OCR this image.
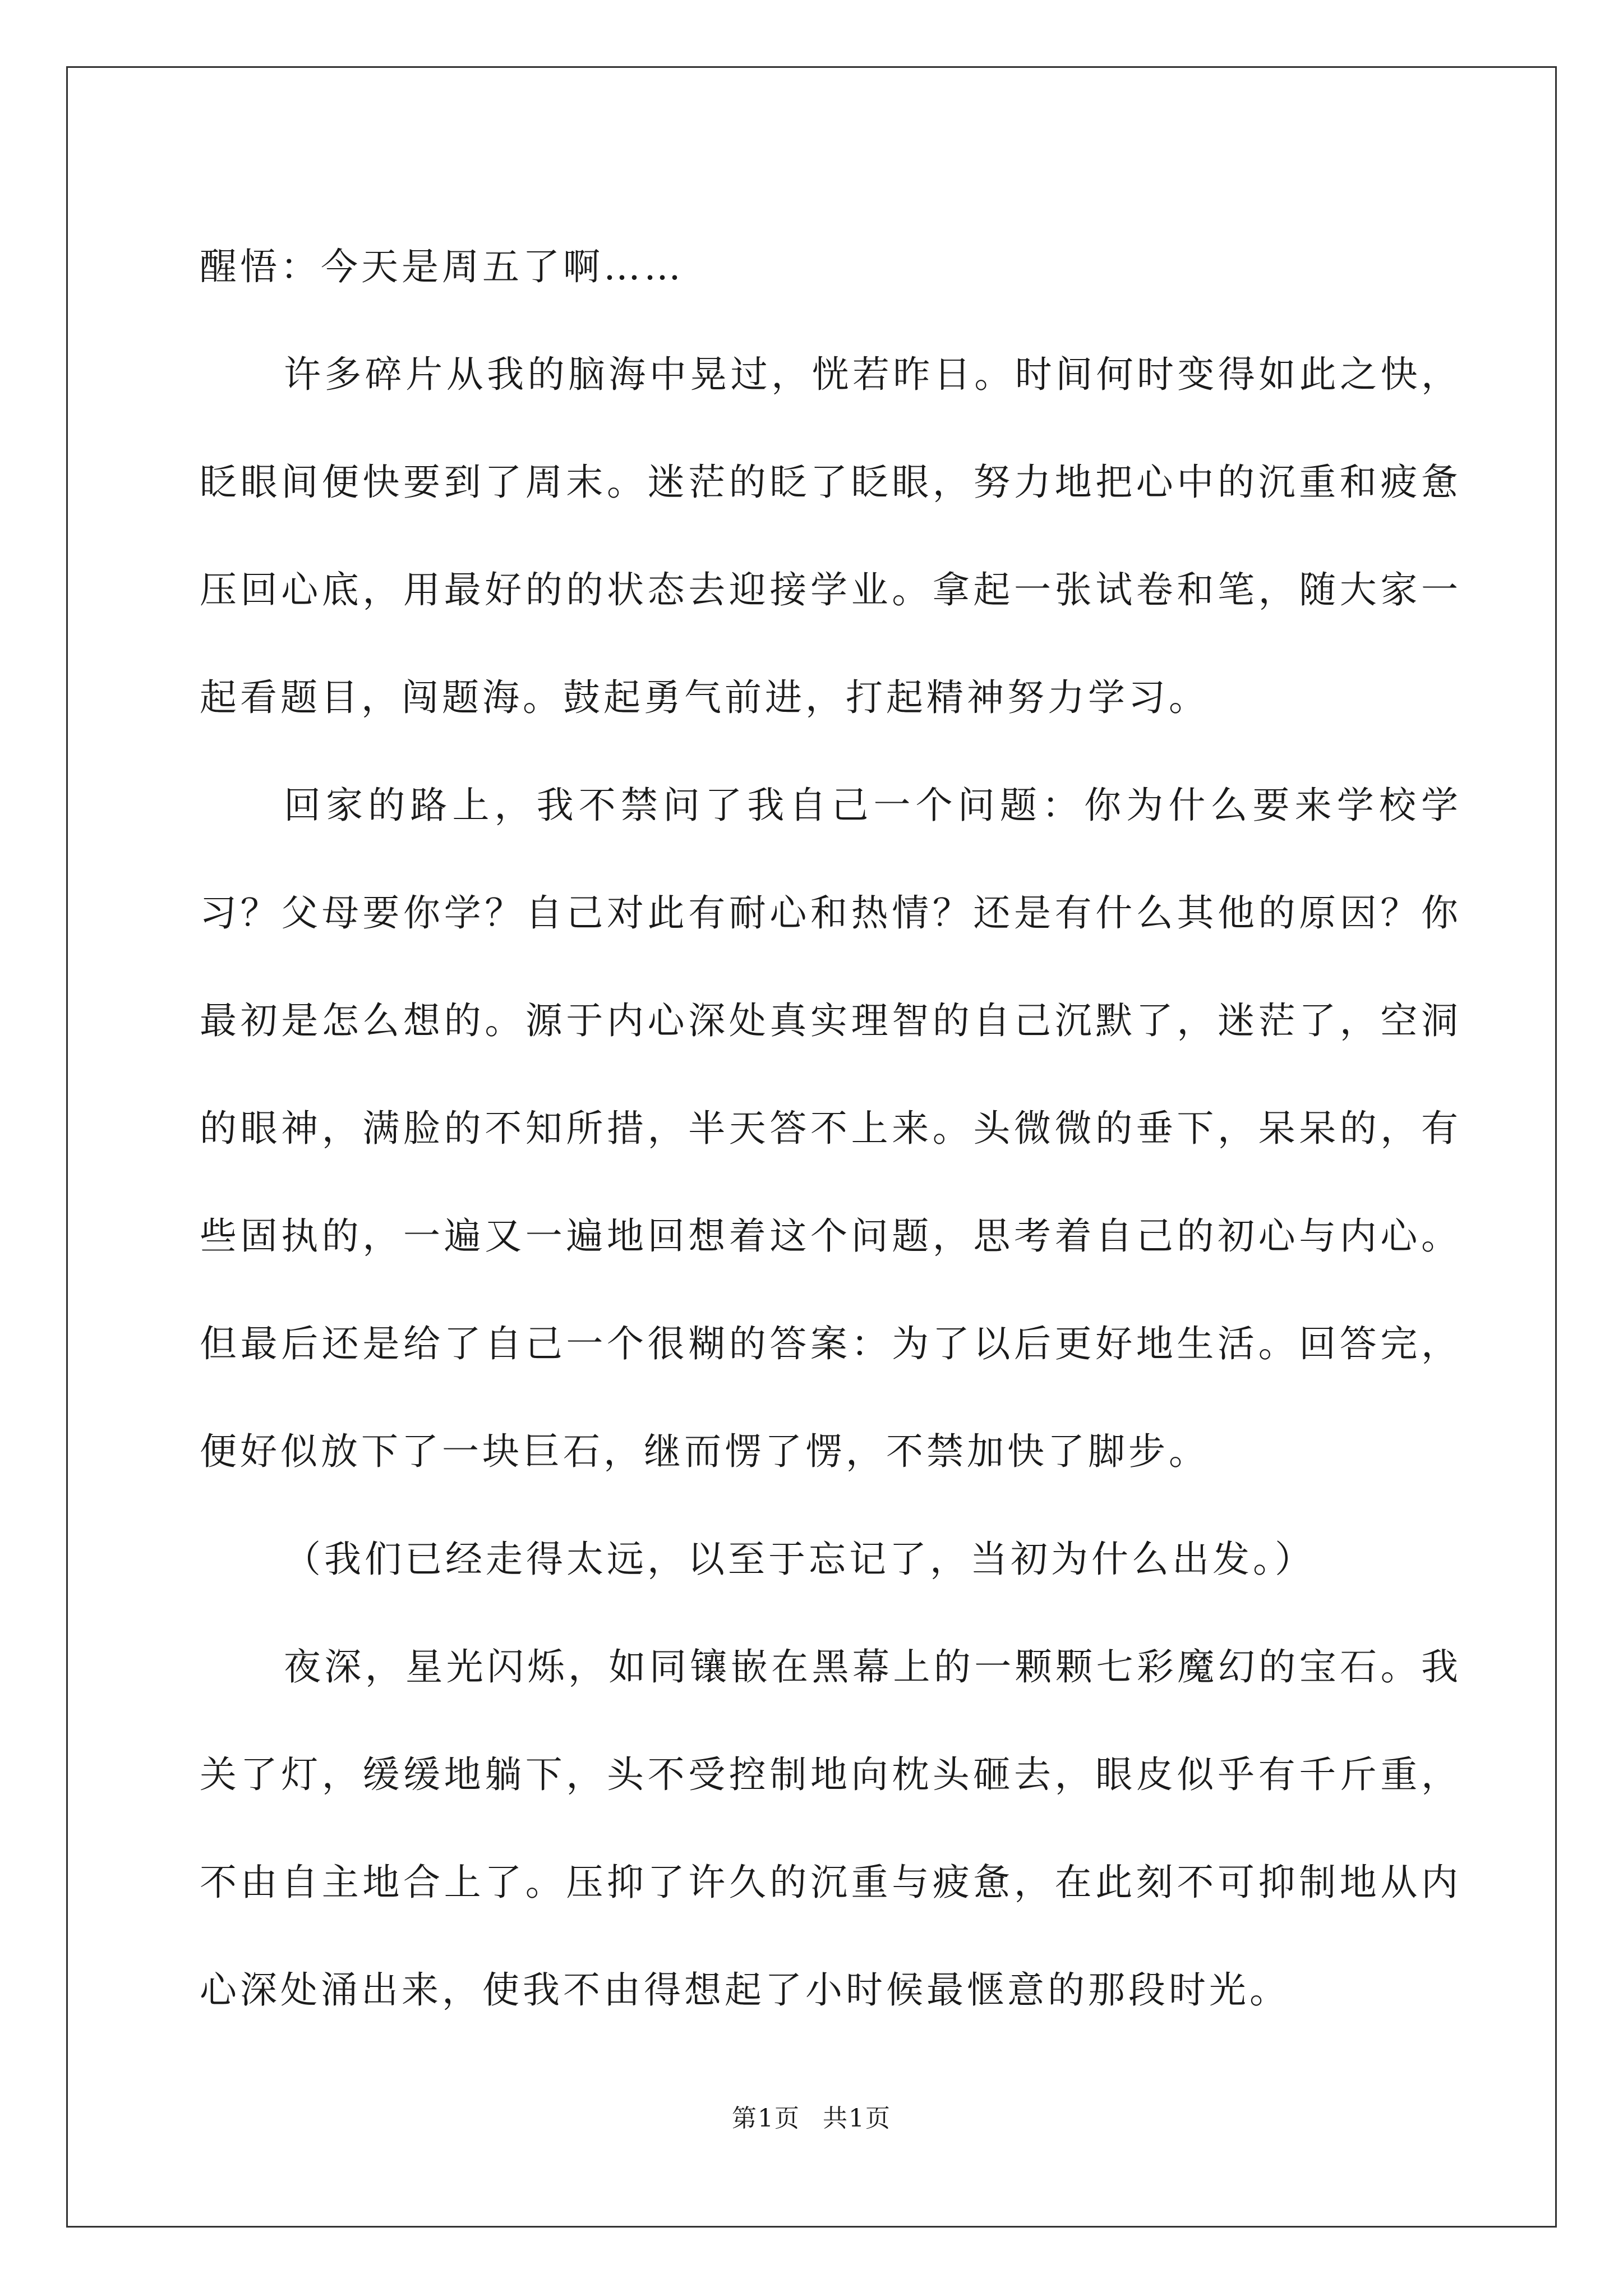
醒悟：今天是周五了啊……

许多碎片从我的脑海中晃过，恍若昨日。时间何时变得如此之快，眨眼间便快要到了周末。迷茫的眨了眨眼，努力地把心中的沉重和疲惫压回心底，用最好的的状态去迎接学业。拿起一张试卷和笔，随大家一起看题目，闯题海。鼓起勇气前进，打起精神努力学习。

回家的路上，我不禁问了我自己一个问题：你为什么要来学校学习？父母要你学？自己对此有耐心和热情？还是有什么其他的原因？你最初是怎么想的。源于内心深处真实理智的自己沉默了，迷茫了，空洞的眼神，满脸的不知所措，半天答不上来。头微微的垂下，呆呆的，有些固执的，一遍又一遍地回想着这个问题，思考着自己的初心与内心。但最后还是给了自己一个很糊的答案：为了以后更好地生活。回答完，便好似放下了一块巨石，继而愣了愣，不禁加快了脚步。

（我们已经走得太远，以至于忘记了，当初为什么出发。）

夜深，星光闪烁，如同镶嵌在黑幕上的一颗颗七彩魔幻的宝石。我关了灯，缓缓地躺下，头不受控制地向枕头砸去，眼皮似乎有千斤重，不由自主地合上了。压抑了许久的沉重与疲惫，在此刻不可抑制地从内心深处涌出来，使我不由得想起了小时候最惬意的那段时光。

第1页 共1页
